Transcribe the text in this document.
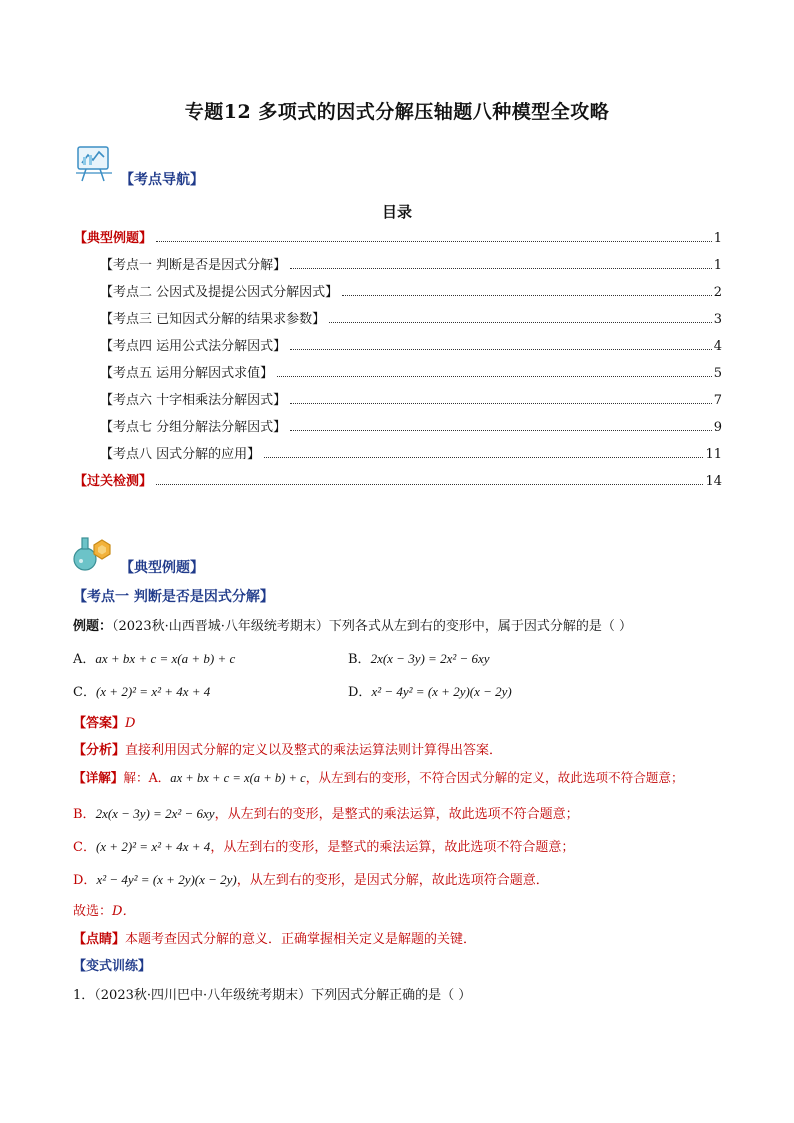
专题12 多项式的因式分解压轴题八种模型全攻略
【考点导航】
目录
【典型例题】	1
【考点一 判断是否是因式分解】	1
【考点二 公因式及提提公因式分解因式】	2
【考点三 已知因式分解的结果求参数】	3
【考点四 运用公式法分解因式】	4
【考点五 运用分解因式求值】	5
【考点六 十字相乘法分解因式】	7
【考点七 分组分解法分解因式】	9
【考点八 因式分解的应用】	11
【过关检测】	14
【典型例题】
【考点一 判断是否是因式分解】
例题：（2023秋·山西晋城·八年级统考期末）下列各式从左到右的变形中，属于因式分解的是（ ）
A．ax + bx + c = x(a + b) + c	B．2x(x − 3y) = 2x² − 6xy
C．(x + 2)² = x² + 4x + 4	D．x² − 4y² = (x + 2y)(x − 2y)
【答案】D
【分析】直接利用因式分解的定义以及整式的乘法运算法则计算得出答案．
【详解】解：A．ax + bx + c = x(a + b) + c，从左到右的变形，不符合因式分解的定义，故此选项不符合题意；
B．2x(x − 3y) = 2x² − 6xy，从左到右的变形，是整式的乘法运算，故此选项不符合题意；
C．(x + 2)² = x² + 4x + 4，从左到右的变形，是整式的乘法运算，故此选项不符合题意；
D．x² − 4y² = (x + 2y)(x − 2y)，从左到右的变形，是因式分解，故此选项符合题意．
故选：D．
【点睛】本题考查因式分解的意义．正确掌握相关定义是解题的关键．
【变式训练】
1．（2023秋·四川巴中·八年级统考期末）下列因式分解正确的是（ ）
